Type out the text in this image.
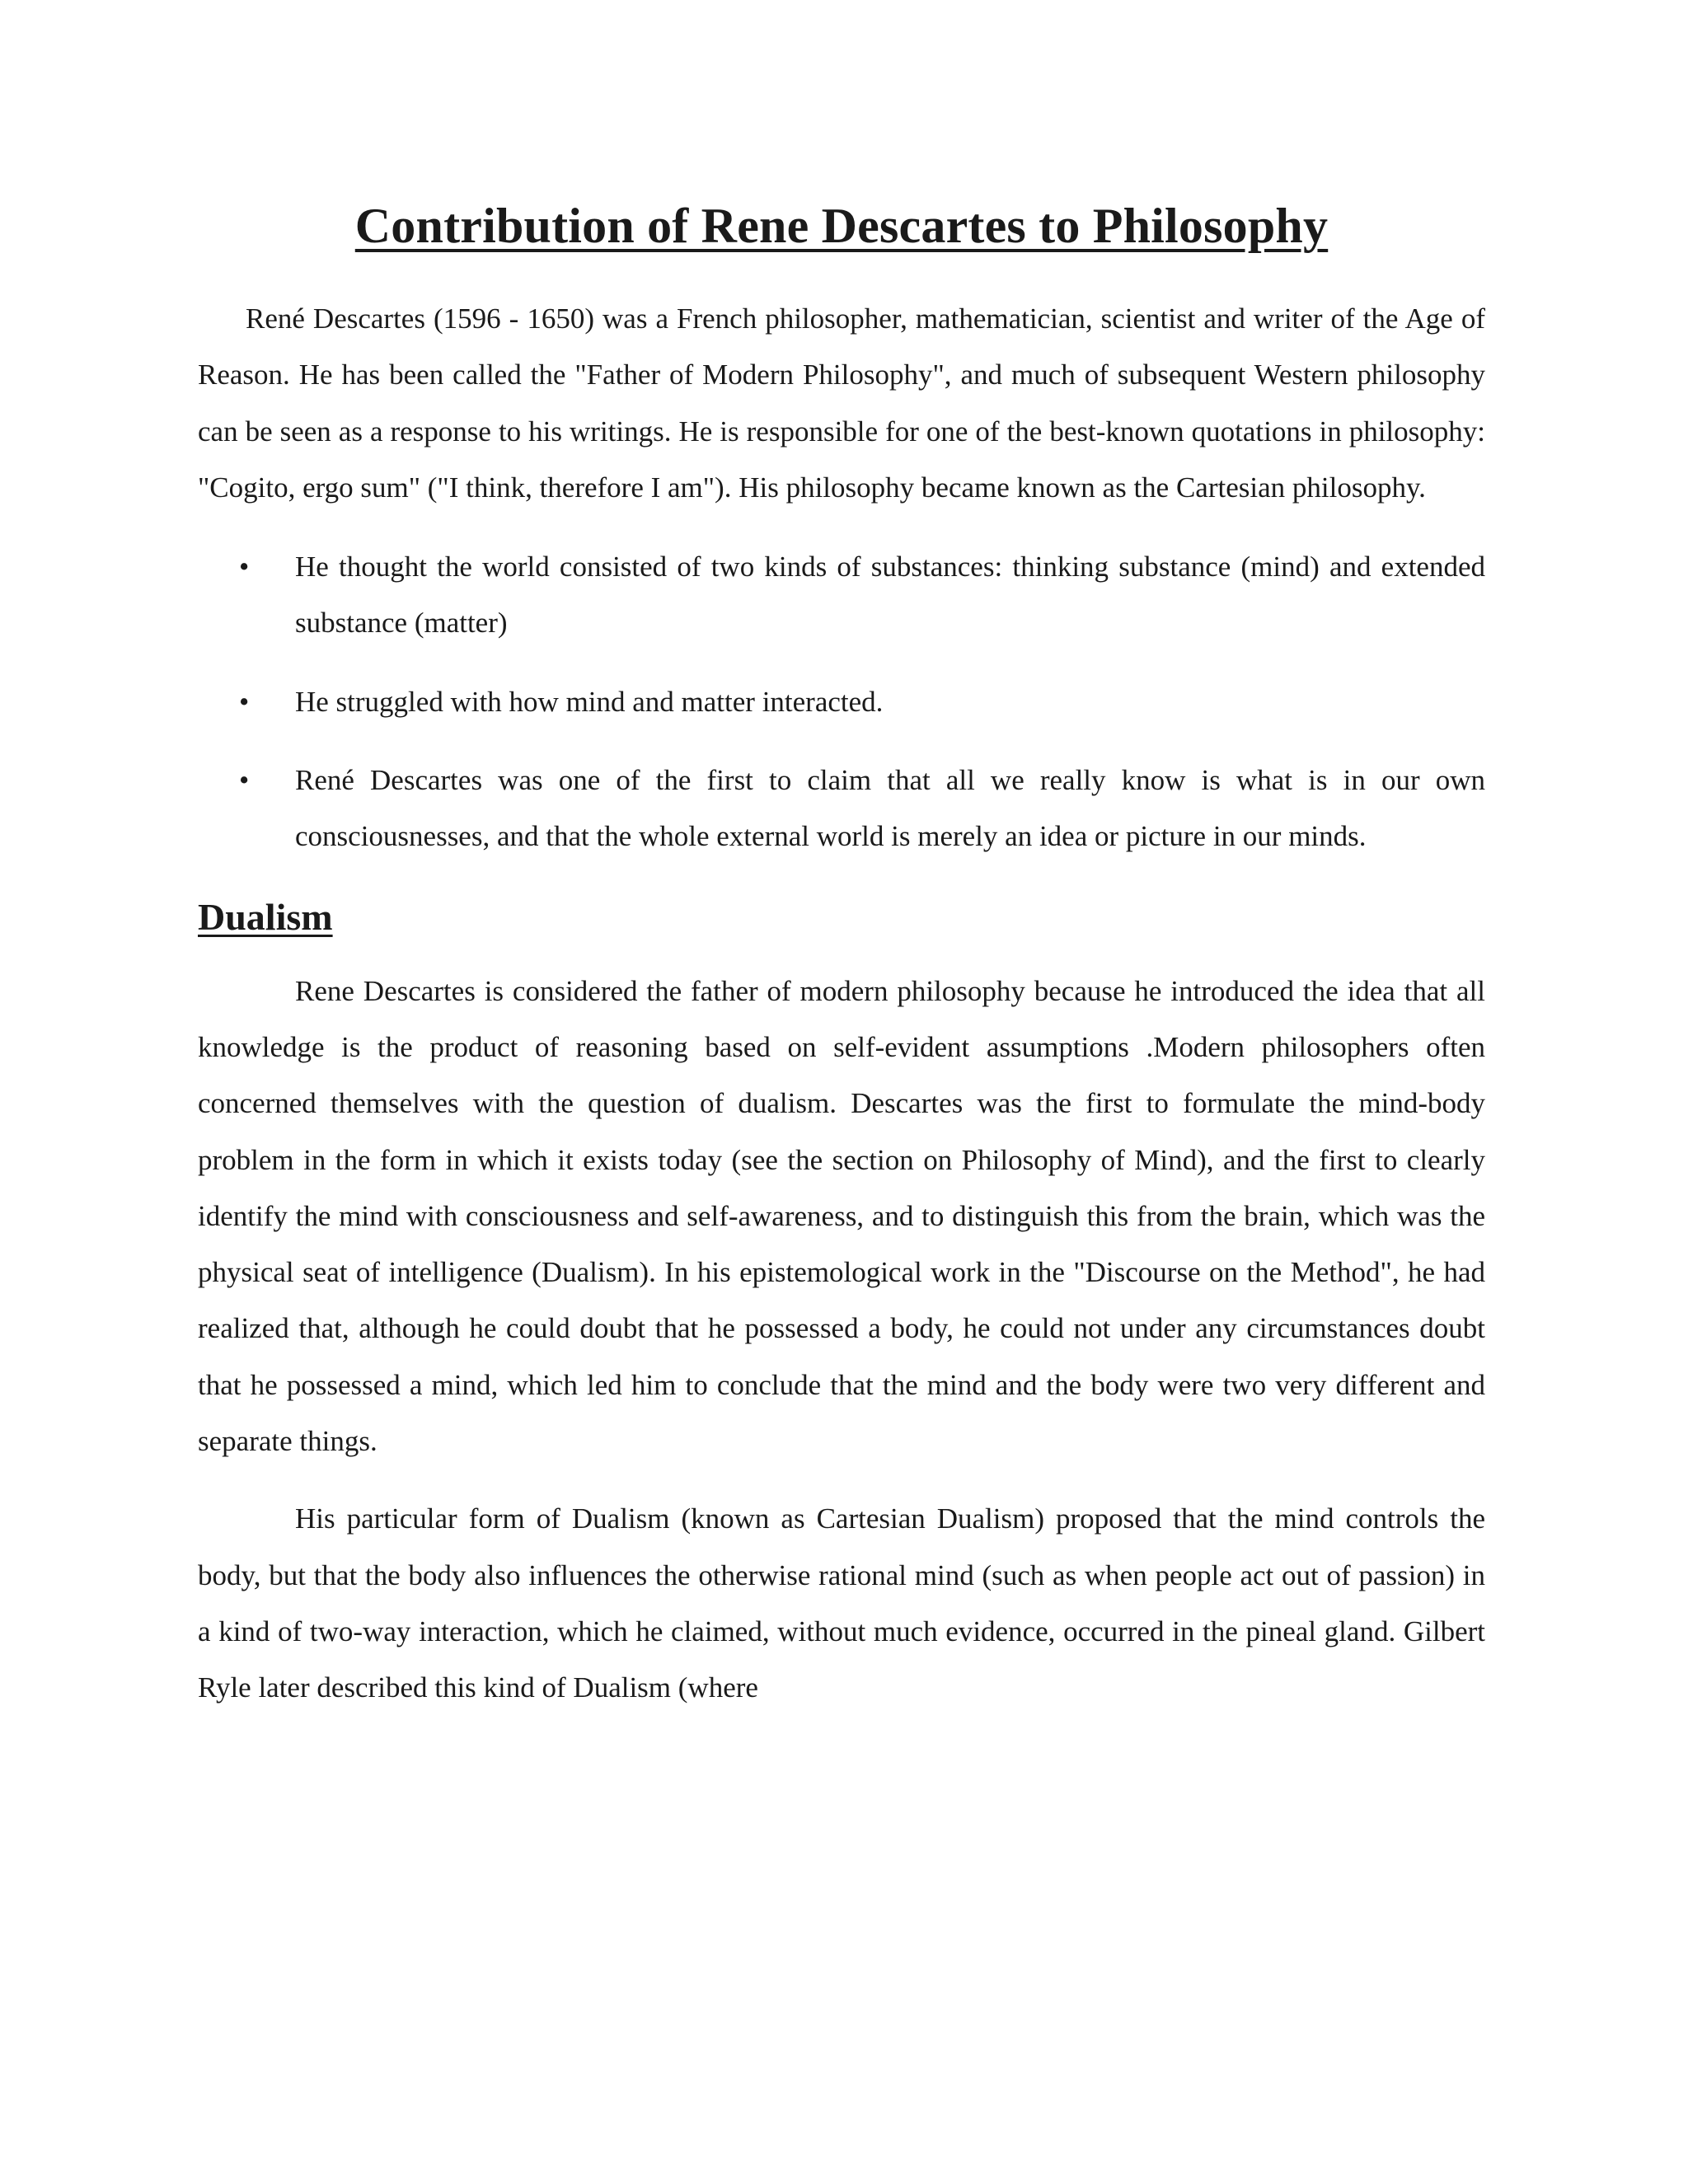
Contribution of Rene Descartes to Philosophy

René Descartes (1596 - 1650) was a French philosopher, mathematician, scientist and writer of the Age of Reason. He has been called the "Father of Modern Philosophy", and much of subsequent Western philosophy can be seen as a response to his writings. He is responsible for one of the best-known quotations in philosophy: "Cogito, ergo sum" ("I think, therefore I am"). His philosophy became known as the Cartesian philosophy.

• He thought the world consisted of two kinds of substances: thinking substance (mind) and extended substance (matter)
• He struggled with how mind and matter interacted.
• René Descartes was one of the first to claim that all we really know is what is in our own consciousnesses, and that the whole external world is merely an idea or picture in our minds.
Dualism

Rene Descartes is considered the father of modern philosophy because he introduced the idea that all knowledge is the product of reasoning based on self-evident assumptions .Modern philosophers often concerned themselves with the question of dualism. Descartes was the first to formulate the mind-body problem in the form in which it exists today (see the section on Philosophy of Mind), and the first to clearly identify the mind with consciousness and self-awareness, and to distinguish this from the brain, which was the physical seat of intelligence (Dualism). In his epistemological work in the "Discourse on the Method", he had realized that, although he could doubt that he possessed a body, he could not under any circumstances doubt that he possessed a mind, which led him to conclude that the mind and the body were two very different and separate things.

His particular form of Dualism (known as Cartesian Dualism) proposed that the mind controls the body, but that the body also influences the otherwise rational mind (such as when people act out of passion) in a kind of two-way interaction, which he claimed, without much evidence, occurred in the pineal gland. Gilbert Ryle later described this kind of Dualism (where
